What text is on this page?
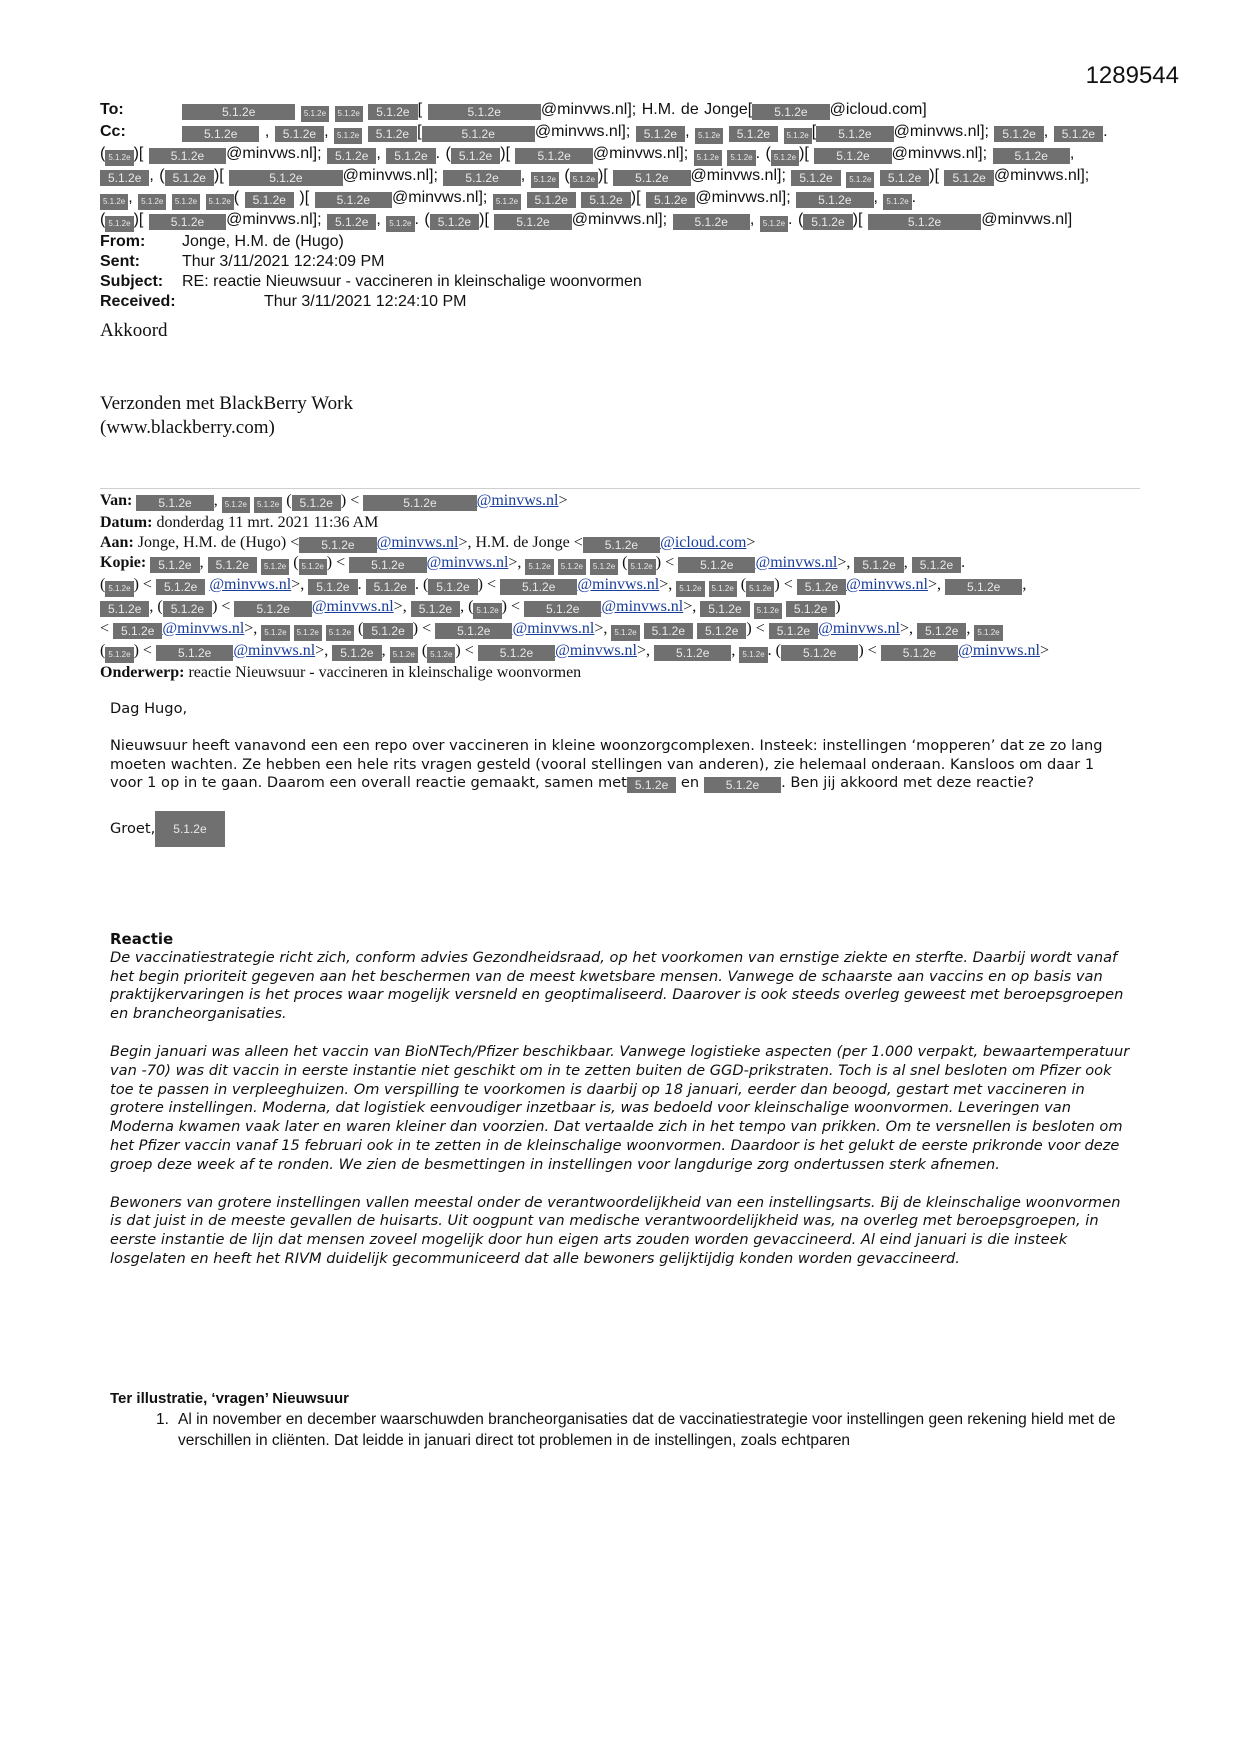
1289544
To:	5.1.2e	5.1.2e 5.1.2e 5.1.2e [	5.1.2e	@minvws.nl]; H.M. de Jonge[ 5.1.2e @icloud.com]
Cc:	5.1.2e , 5.1.2e , 5.1.2e 5.1.2e [	5.1.2e	@minvws.nl]; 5.1.2e , 5.1.2e 5.1.2e 5.1.2e [ 5.1.2e @minvws.nl]; 5.1.2e , 5.1.2e .
( 5.1.2e )[ 5.1.2e @minvws.nl]; 5.1.2e , 5.1.2e . ( 5.1.2e )[ 5.1.2e @minvws.nl]; 5.1.2e 5.1.2e . ( 5.1.2e )[ 5.1.2e @minvws.nl]; 5.1.2e ,
5.1.2e , ( 5.1.2e )[	5.1.2e	@minvws.nl]; 5.1.2e , 5.1.2e ( 5.1.2e )[ 5.1.2e @minvws.nl]; 5.1.2e 5.1.2e 5.1.2e )[ 5.1.2e @minvws.nl];
5.1.2e , 5.1.2e 5.1.2e 5.1.2e ( 5.1.2e )[ 5.1.2e @minvws.nl]; 5.1.2e 5.1.2e 5.1.2e )[ 5.1.2e @minvws.nl]; 5.1.2e , 5.1.2e .
( 5.1.2e )[ 5.1.2e @minvws.nl]; 5.1.2e , 5.1.2e . ( 5.1.2e )[ 5.1.2e @minvws.nl]; 5.1.2e , 5.1.2e . ( 5.1.2e )[	5.1.2e	@minvws.nl]
From:	Jonge, H.M. de (Hugo)
Sent:	Thur 3/11/2021 12:24:09 PM
Subject:	RE: reactie Nieuwsuur - vaccineren in kleinschalige woonvormen
Received:	Thur 3/11/2021 12:24:10 PM
Akkoord
Verzonden met BlackBerry Work
(www.blackberry.com)
Van: 5.1.2e , 5.1.2e 5.1.2e ( 5.1.2e ) <	5.1.2e	@minvws.nl>
Datum: donderdag 11 mrt. 2021 11:36 AM
Aan: Jonge, H.M. de (Hugo) < 5.1.2e @minvws.nl>, H.M. de Jonge < 5.1.2e @icloud.com>
Kopie: 5.1.2e , 5.1.2e 5.1.2e ( 5.1.2e ) < 5.1.2e @minvws.nl>, 5.1.2e 5.1.2e 5.1.2e ( 5.1.2e ) < 5.1.2e @minvws.nl>, 5.1.2e , 5.1.2e .
( 5.1.2e ) < 5.1.2e @minvws.nl>, 5.1.2e . 5.1.2e . ( 5.1.2e ) < 5.1.2e @minvws.nl>, 5.1.2e 5.1.2e ( 5.1.2e ) < 5.1.2e @minvws.nl>, 5.1.2e ,
5.1.2e , ( 5.1.2e ) < 5.1.2e @minvws.nl>, 5.1.2e , ( 5.1.2e ) < 5.1.2e @minvws.nl>, 5.1.2e 5.1.2e 5.1.2e )
< 5.1.2e @minvws.nl>, 5.1.2e 5.1.2e 5.1.2e ( 5.1.2e ) < 5.1.2e @minvws.nl>, 5.1.2e 5.1.2e 5.1.2e ) < 5.1.2e @minvws.nl>, 5.1.2e , 5.1.2e
( 5.1.2e ) < 5.1.2e @minvws.nl>, 5.1.2e , 5.1.2e ( 5.1.2e ) < 5.1.2e @minvws.nl>, 5.1.2e , 5.1.2e . ( 5.1.2e ) < 5.1.2e @minvws.nl>
Onderwerp: reactie Nieuwsuur - vaccineren in kleinschalige woonvormen

Dag Hugo,

Nieuwsuur heeft vanavond een een repo over vaccineren in kleine woonzorgcomplexen. Insteek: instellingen ‘mopperen’ dat ze zo lang moeten wachten. Ze hebben een hele rits vragen gesteld (vooral stellingen van anderen), zie helemaal onderaan. Kansloos om daar 1 voor 1 op in te gaan. Daarom een overall reactie gemaakt, samen met 5.1.2e en 5.1.2e . Ben jij akkoord met deze reactie?

Groet, 5.1.2e

Reactie

De vaccinatiestrategie richt zich, conform advies Gezondheidsraad, op het voorkomen van ernstige ziekte en sterfte. Daarbij wordt vanaf het begin prioriteit gegeven aan het beschermen van de meest kwetsbare mensen. Vanwege de schaarste aan vaccins en op basis van praktijkervaringen is het proces waar mogelijk versneld en geoptimaliseerd. Daarover is ook steeds overleg geweest met beroepsgroepen en brancheorganisaties.

Begin januari was alleen het vaccin van BioNTech/Pfizer beschikbaar. Vanwege logistieke aspecten (per 1.000 verpakt, bewaartemperatuur van -70) was dit vaccin in eerste instantie niet geschikt om in te zetten buiten de GGD-prikstraten. Toch is al snel besloten om Pfizer ook toe te passen in verpleeghuizen. Om verspilling te voorkomen is daarbij op 18 januari, eerder dan beoogd, gestart met vaccineren in grotere instellingen. Moderna, dat logistiek eenvoudiger inzetbaar is, was bedoeld voor kleinschalige woonvormen. Leveringen van Moderna kwamen vaak later en waren kleiner dan voorzien. Dat vertaalde zich in het tempo van prikken. Om te versnellen is besloten om het Pfizer vaccin vanaf 15 februari ook in te zetten in de kleinschalige woonvormen. Daardoor is het gelukt de eerste prikronde voor deze groep deze week af te ronden. We zien de besmettingen in instellingen voor langdurige zorg ondertussen sterk afnemen.

Bewoners van grotere instellingen vallen meestal onder de verantwoordelijkheid van een instellingsarts. Bij de kleinschalige woonvormen is dat juist in de meeste gevallen de huisarts. Uit oogpunt van medische verantwoordelijkheid was, na overleg met beroepsgroepen, in eerste instantie de lijn dat mensen zoveel mogelijk door hun eigen arts zouden worden gevaccineerd. Al eind januari is die insteek losgelaten en heeft het RIVM duidelijk gecommuniceerd dat alle bewoners gelijktijdig konden worden gevaccineerd.

Ter illustratie, ‘vragen’ Nieuwsuur
1. Al in november en december waarschuwden brancheorganisaties dat de vaccinatiestrategie voor instellingen geen rekening hield met de verschillen in cliënten. Dat leidde in januari direct tot problemen in de instellingen, zoals echtparen
